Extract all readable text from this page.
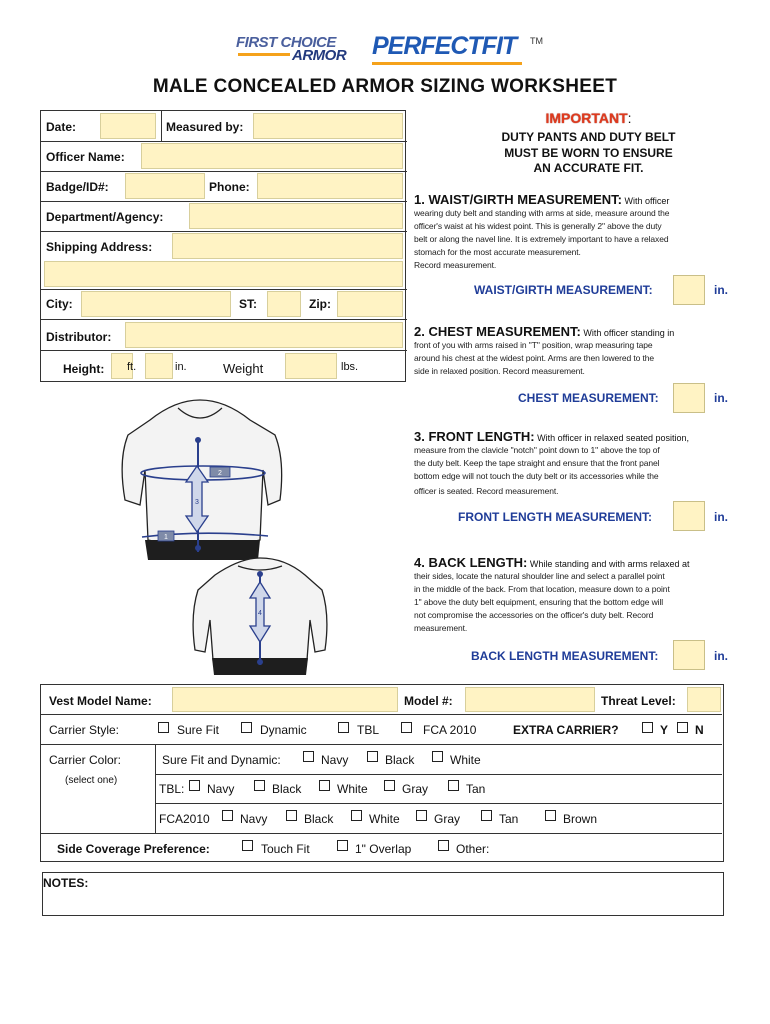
FIRST CHOICE
ARMOR PERFECTFIT TM
MALE CONCEALED ARMOR SIZING WORKSHEET
Date:	Measured by:
Officer Name:
Badge/ID#:	Phone:
Department/Agency:
Shipping Address:
City:	ST:	Zip:
Distributor:
Height: ft.	in.	Weight	lbs.
IMPORTANT:
DUTY PANTS AND DUTY BELT
MUST BE WORN TO ENSURE
AN ACCURATE FIT.
1. WAIST/GIRTH MEASUREMENT: With officer
wearing duty belt and standing with arms at side, measure around the
officer's waist at his widest point. This is generally 2" above the duty
belt or along the navel line. It is extremely important to have a relaxed
stomach for the most accurate measurement.
Record measurement.
WAIST/GIRTH MEASUREMENT:	in.
2. CHEST MEASUREMENT: With officer standing in
front of you with arms raised in "T" position, wrap measuring tape
around his chest at the widest point. Arms are then lowered to the
side in relaxed position. Record measurement.
CHEST MEASUREMENT:	in.
3. FRONT LENGTH: With officer in relaxed seated position,
measure from the clavicle "notch" point down to 1" above the top of
the duty belt. Keep the tape straight and ensure that the front panel
bottom edge will not touch the duty belt or its accessories while the
officer is seated. Record measurement.
FRONT LENGTH MEASUREMENT:	in.
4. BACK LENGTH: While standing and with arms relaxed at
their sides, locate the natural shoulder line and select a parallel point
in the middle of the back. From that location, measure down to a point
1" above the duty belt equipment, ensuring that the bottom edge will
not compromise the accessories on the officer's duty belt. Record
measurement.
BACK LENGTH MEASUREMENT:	in.
1
2
3
4
Vest Model Name:	Model #:	Threat Level:
Carrier Style:	Sure Fit	Dynamic	TBL	FCA 2010	EXTRA CARRIER?	Y N
Carrier Color:
(select one)
Sure Fit and Dynamic:	Navy	Black	White
TBL: Navy	Black	White	Gray	Tan
FCA2010	Navy	Black	White	Gray	Tan	Brown
Side Coverage Preference:	Touch Fit	1" Overlap	Other:
NOTES:
